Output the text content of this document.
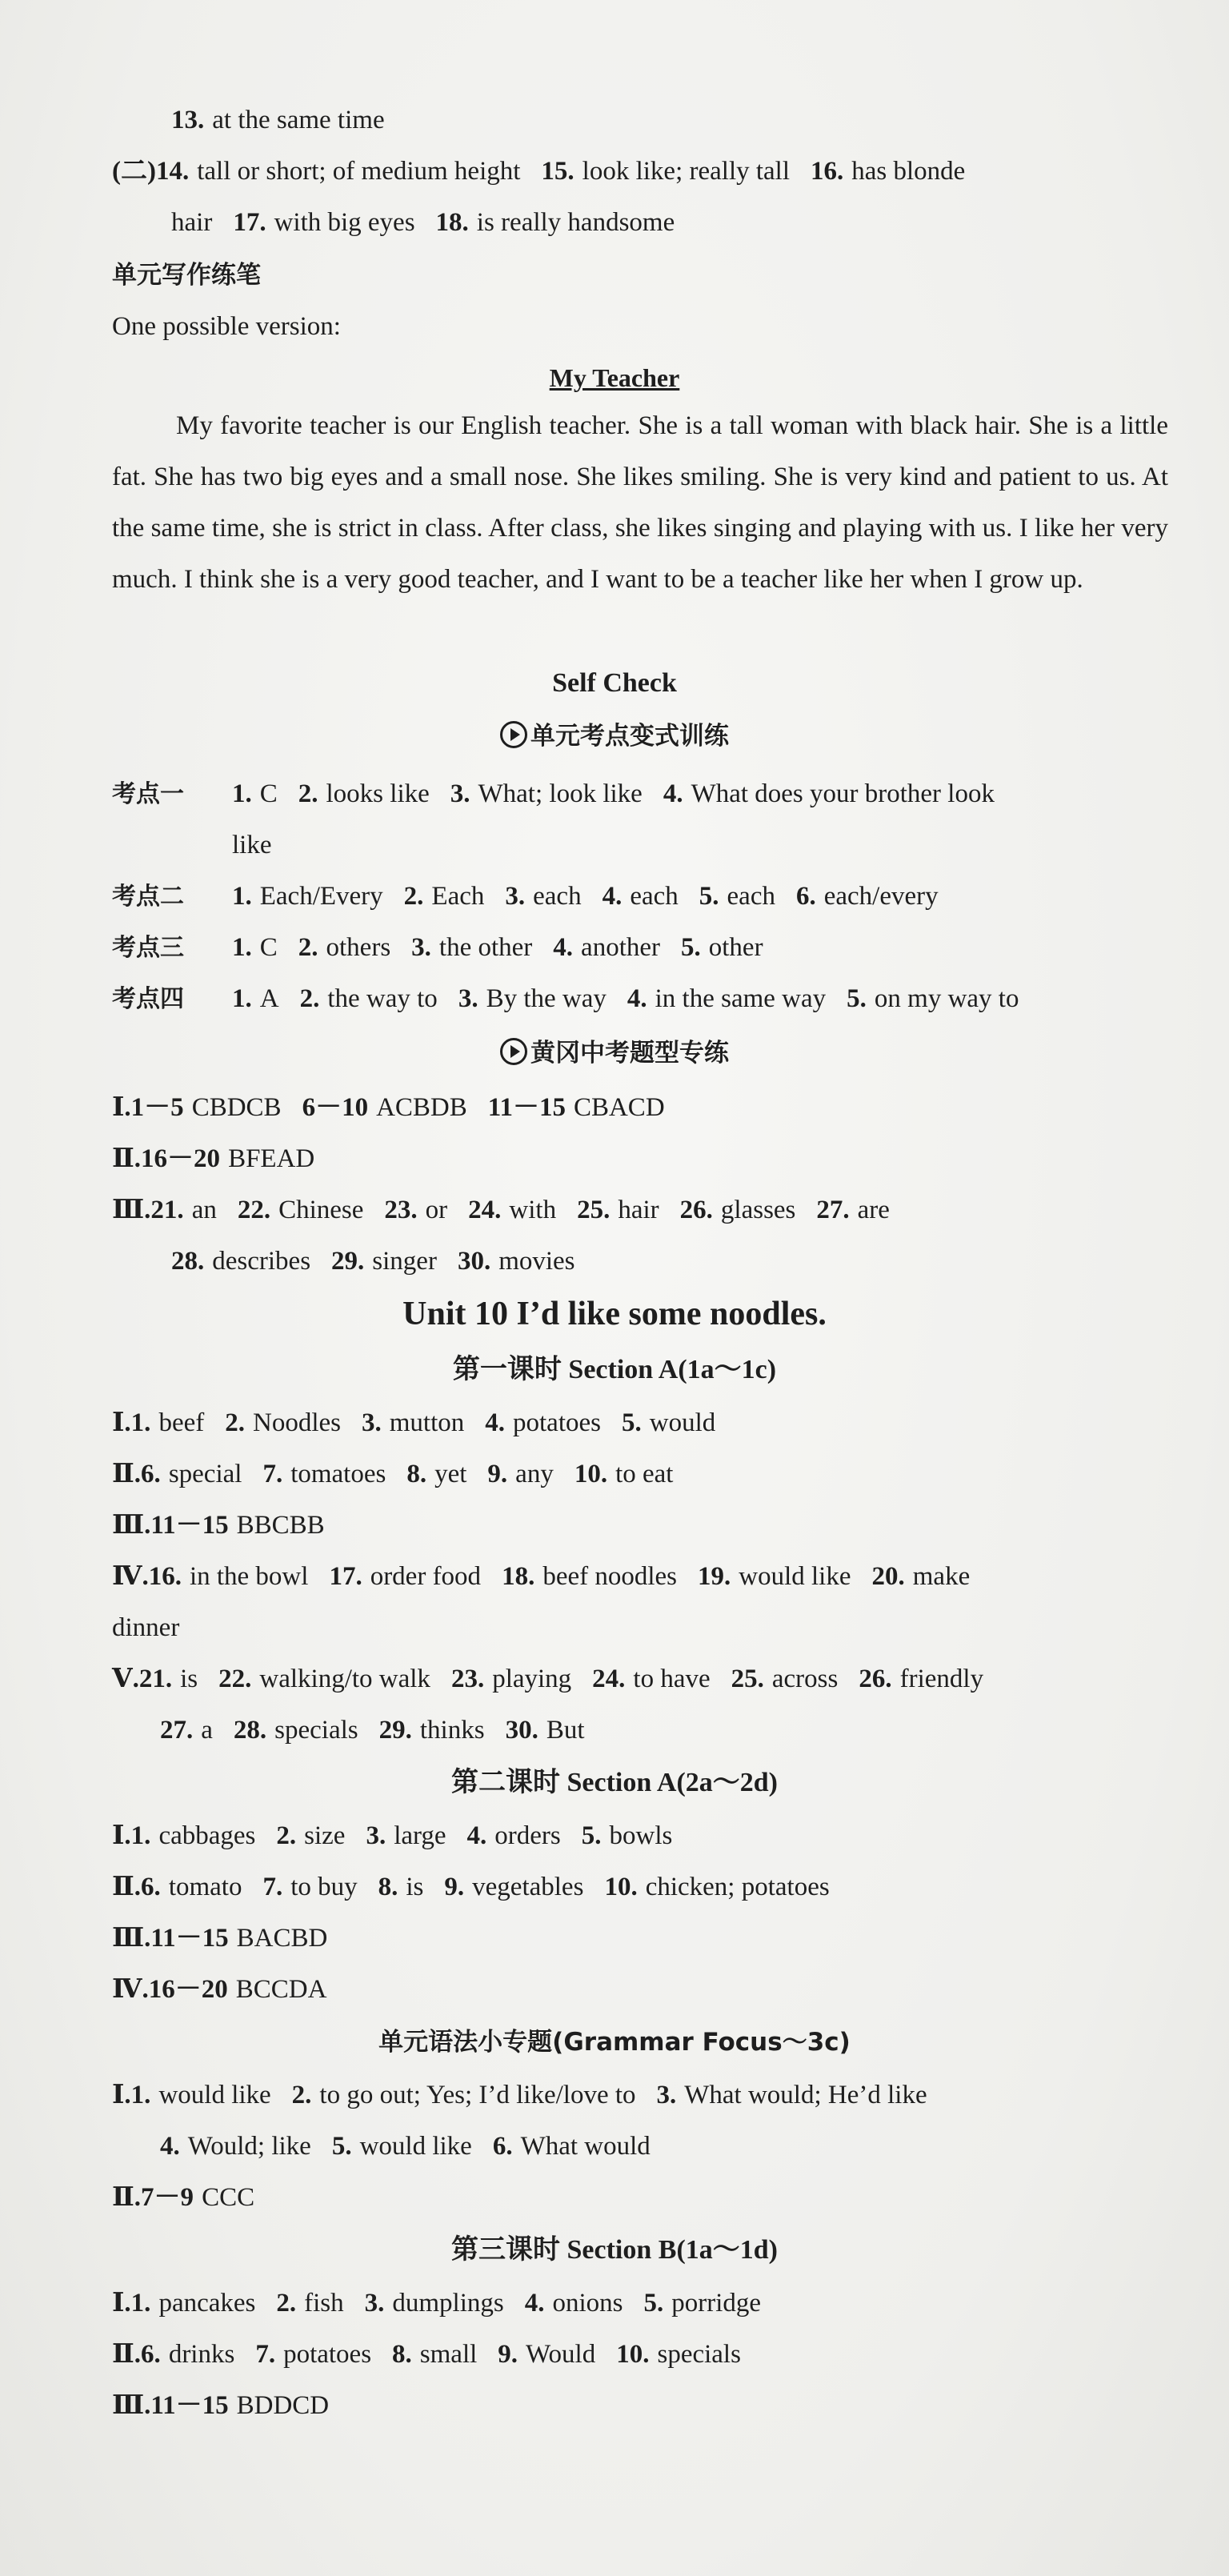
13. at the same time
(二)14. tall or short; of medium height 15. look like; really tall 16. has blonde
hair 17. with big eyes 18. is really handsome
单元写作练笔
One possible version:
My Teacher
My favorite teacher is our English teacher. She is a tall woman with black hair. She is a little fat. She has two big eyes and a small nose. She likes smiling. She is very kind and patient to us. At the same time, she is strict in class. After class, she likes singing and playing with us. I like her very much. I think she is a very good teacher, and I want to be a teacher like her when I grow up.
Self Check
单元考点变式训练
考点一 1. C 2. looks like 3. What; look like 4. What does your brother look
like
考点二 1. Each/Every 2. Each 3. each 4. each 5. each 6. each/every
考点三 1. C 2. others 3. the other 4. another 5. other
考点四 1. A 2. the way to 3. By the way 4. in the same way 5. on my way to
黄冈中考题型专练
Ⅰ.1－5 CBDCB 6－10 ACBDB 11－15 CBACD
Ⅱ.16－20 BFEAD
Ⅲ.21. an 22. Chinese 23. or 24. with 25. hair 26. glasses 27. are
28. describes 29. singer 30. movies
Unit 10 I’d like some noodles.
第一课时 Section A(1a～1c)
Ⅰ.1. beef 2. Noodles 3. mutton 4. potatoes 5. would
Ⅱ.6. special 7. tomatoes 8. yet 9. any 10. to eat
Ⅲ.11－15 BBCBB
Ⅳ.16. in the bowl 17. order food 18. beef noodles 19. would like 20. make
dinner
Ⅴ.21. is 22. walking/to walk 23. playing 24. to have 25. across 26. friendly
27. a 28. specials 29. thinks 30. But
第二课时 Section A(2a～2d)
Ⅰ.1. cabbages 2. size 3. large 4. orders 5. bowls
Ⅱ.6. tomato 7. to buy 8. is 9. vegetables 10. chicken; potatoes
Ⅲ.11－15 BACBD
Ⅳ.16－20 BCCDA
单元语法小专题(Grammar Focus～3c)
Ⅰ.1. would like 2. to go out; Yes; I’d like/love to 3. What would; He’d like
4. Would; like 5. would like 6. What would
Ⅱ.7－9 CCC
第三课时 Section B(1a～1d)
Ⅰ.1. pancakes 2. fish 3. dumplings 4. onions 5. porridge
Ⅱ.6. drinks 7. potatoes 8. small 9. Would 10. specials
Ⅲ.11－15 BDDCD
